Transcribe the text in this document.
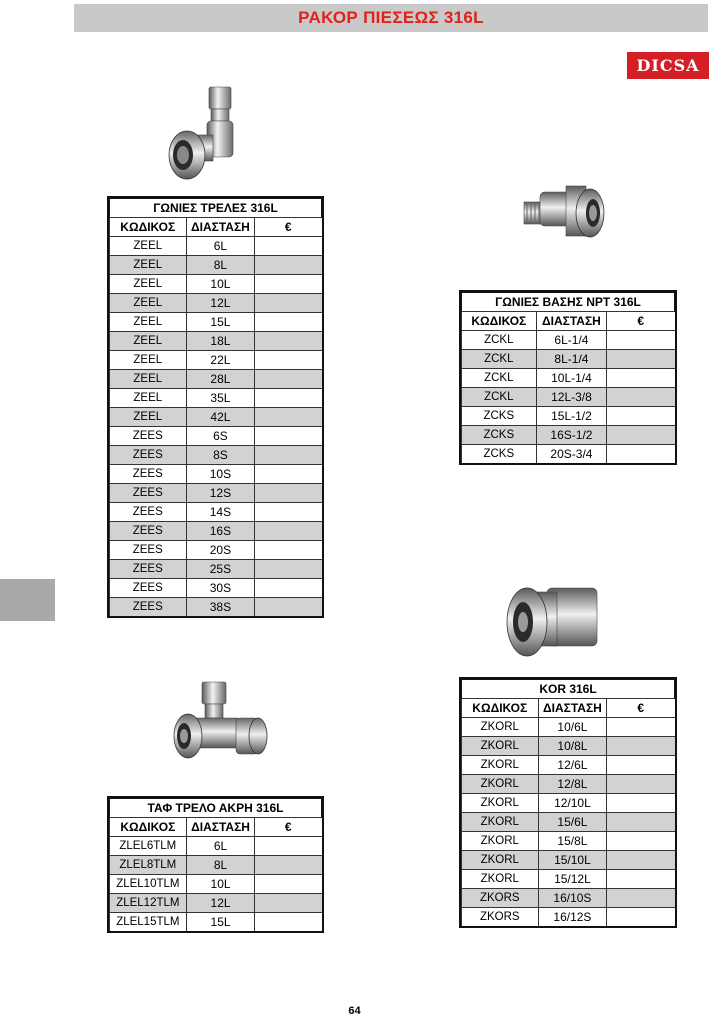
ΡΑΚΟΡ ΠΙΕΣΕΩΣ 316L
DICSA
ΓΩΝΙΕΣ ΤΡΕΛΕΣ 316L		
ΚΩΔΙΚΟΣ	ΔΙΑΣΤΑΣΗ	€
ZEEL	6L	
ZEEL	8L	
ZEEL	10L	
ZEEL	12L	
ZEEL	15L	
ZEEL	18L	
ZEEL	22L	
ZEEL	28L	
ZEEL	35L	
ZEEL	42L	
ZEES	6S	
ZEES	8S	
ZEES	10S	
ZEES	12S	
ZEES	14S	
ZEES	16S	
ZEES	20S	
ZEES	25S	
ZEES	30S	
ZEES	38S	
ΓΩΝΙΕΣ ΒΑΣΗΣ NPT 316L		
ΚΩΔΙΚΟΣ	ΔΙΑΣΤΑΣΗ	€
ZCKL	6L-1/4	
ZCKL	8L-1/4	
ZCKL	10L-1/4	
ZCKL	12L-3/8	
ZCKS	15L-1/2	
ZCKS	16S-1/2	
ZCKS	20S-3/4	
ΤΑΦ ΤΡΕΛΟ ΑΚΡΗ 316L		
ΚΩΔΙΚΟΣ	ΔΙΑΣΤΑΣΗ	€
ZLEL6TLM	6L	
ZLEL8TLM	8L	
ZLEL10TLM	10L	
ZLEL12TLM	12L	
ZLEL15TLM	15L	
KOR 316L		
ΚΩΔΙΚΟΣ	ΔΙΑΣΤΑΣΗ	€
ZKORL	10/6L	
ZKORL	10/8L	
ZKORL	12/6L	
ZKORL	12/8L	
ZKORL	12/10L	
ZKORL	15/6L	
ZKORL	15/8L	
ZKORL	15/10L	
ZKORL	15/12L	
ZKORS	16/10S	
ZKORS	16/12S	
64
